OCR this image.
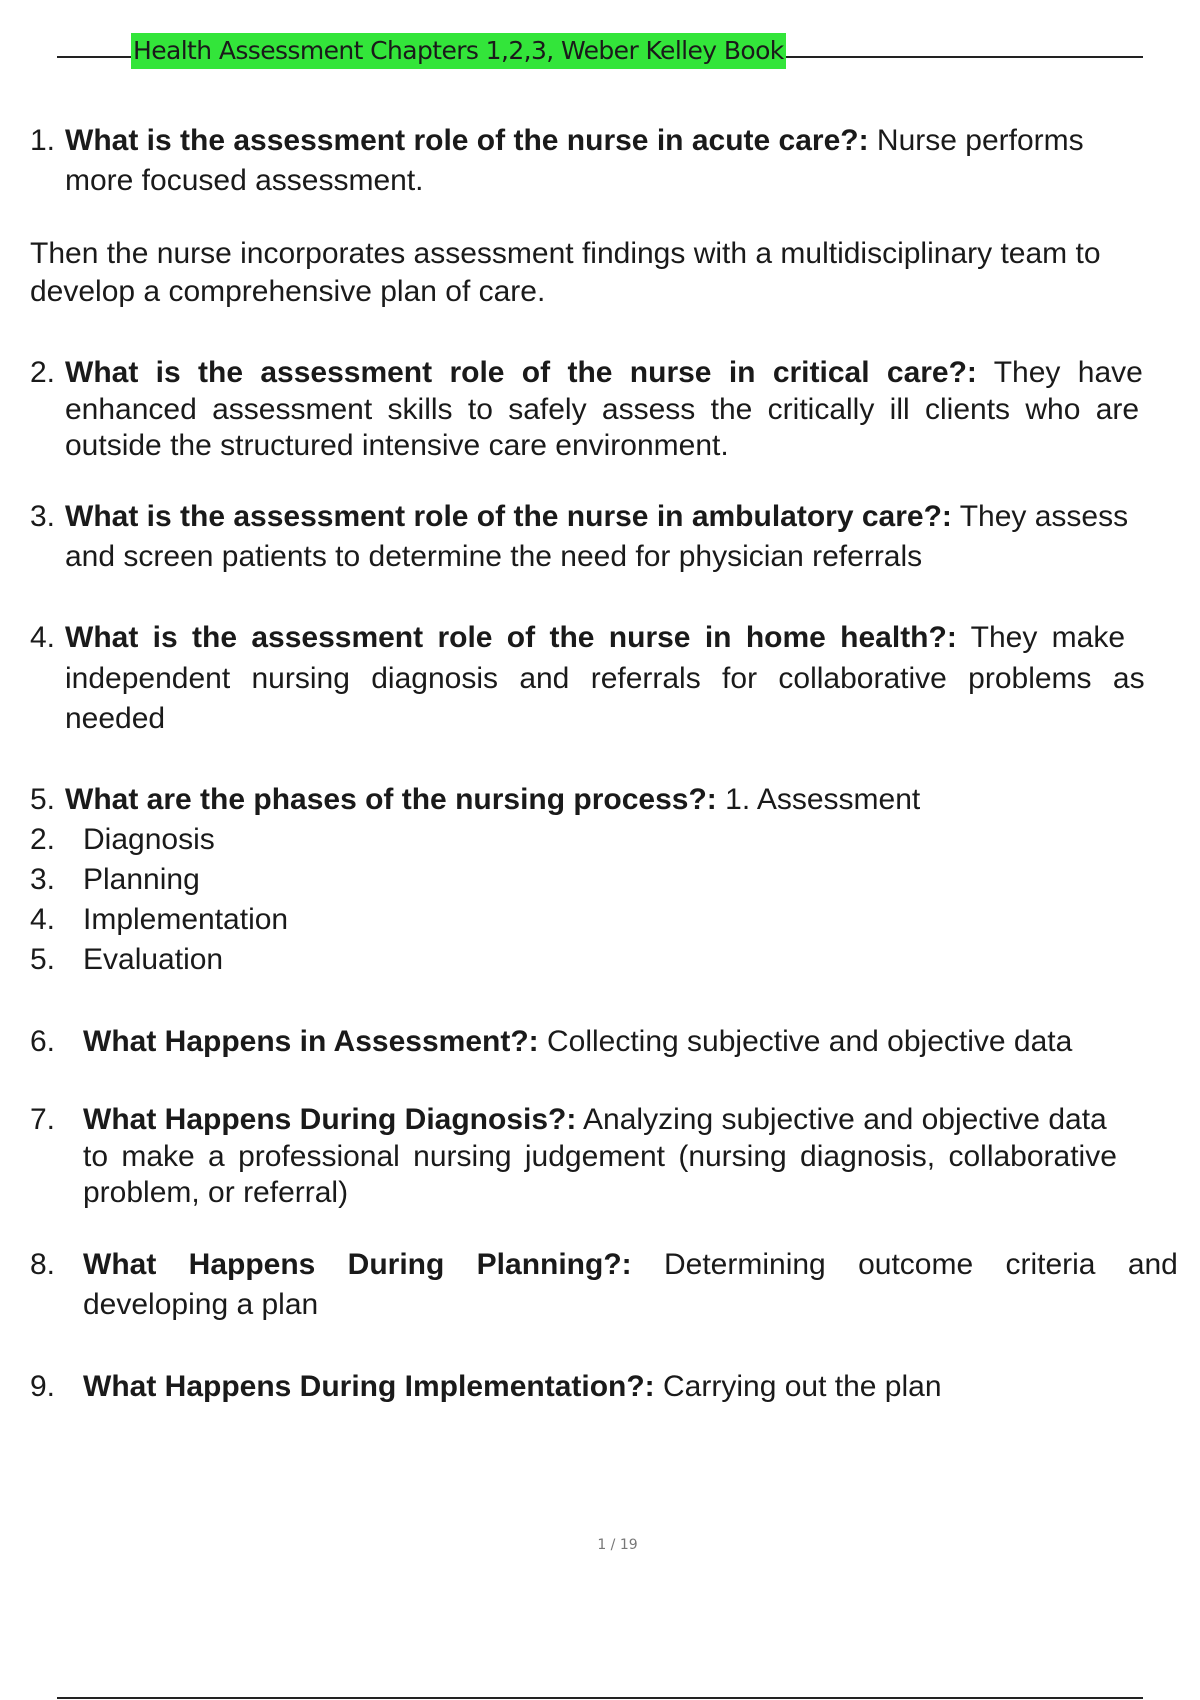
Health Assessment Chapters 1,2,3, Weber Kelley Book
1. What is the assessment role of the nurse in acute care?: Nurse performs
more focused assessment.
Then the nurse incorporates assessment findings with a multidisciplinary team to
develop a comprehensive plan of care.
2. What is the assessment role of the nurse in critical care?: They have
enhanced assessment skills to safely assess the critically ill clients who are
outside the structured intensive care environment.
3. What is the assessment role of the nurse in ambulatory care?: They assess
and screen patients to determine the need for physician referrals
4. What is the assessment role of the nurse in home health?: They make
independent nursing diagnosis and referrals for collaborative problems as
needed
5. What are the phases of the nursing process?: 1. Assessment
2. Diagnosis
3. Planning
4. Implementation
5. Evaluation
6. What Happens in Assessment?: Collecting subjective and objective data
7. What Happens During Diagnosis?: Analyzing subjective and objective data
to make a professional nursing judgement (nursing diagnosis, collaborative
problem, or referral)
8. What Happens During Planning?: Determining outcome criteria and
developing a plan
9. What Happens During Implementation?: Carrying out the plan
1 / 19
